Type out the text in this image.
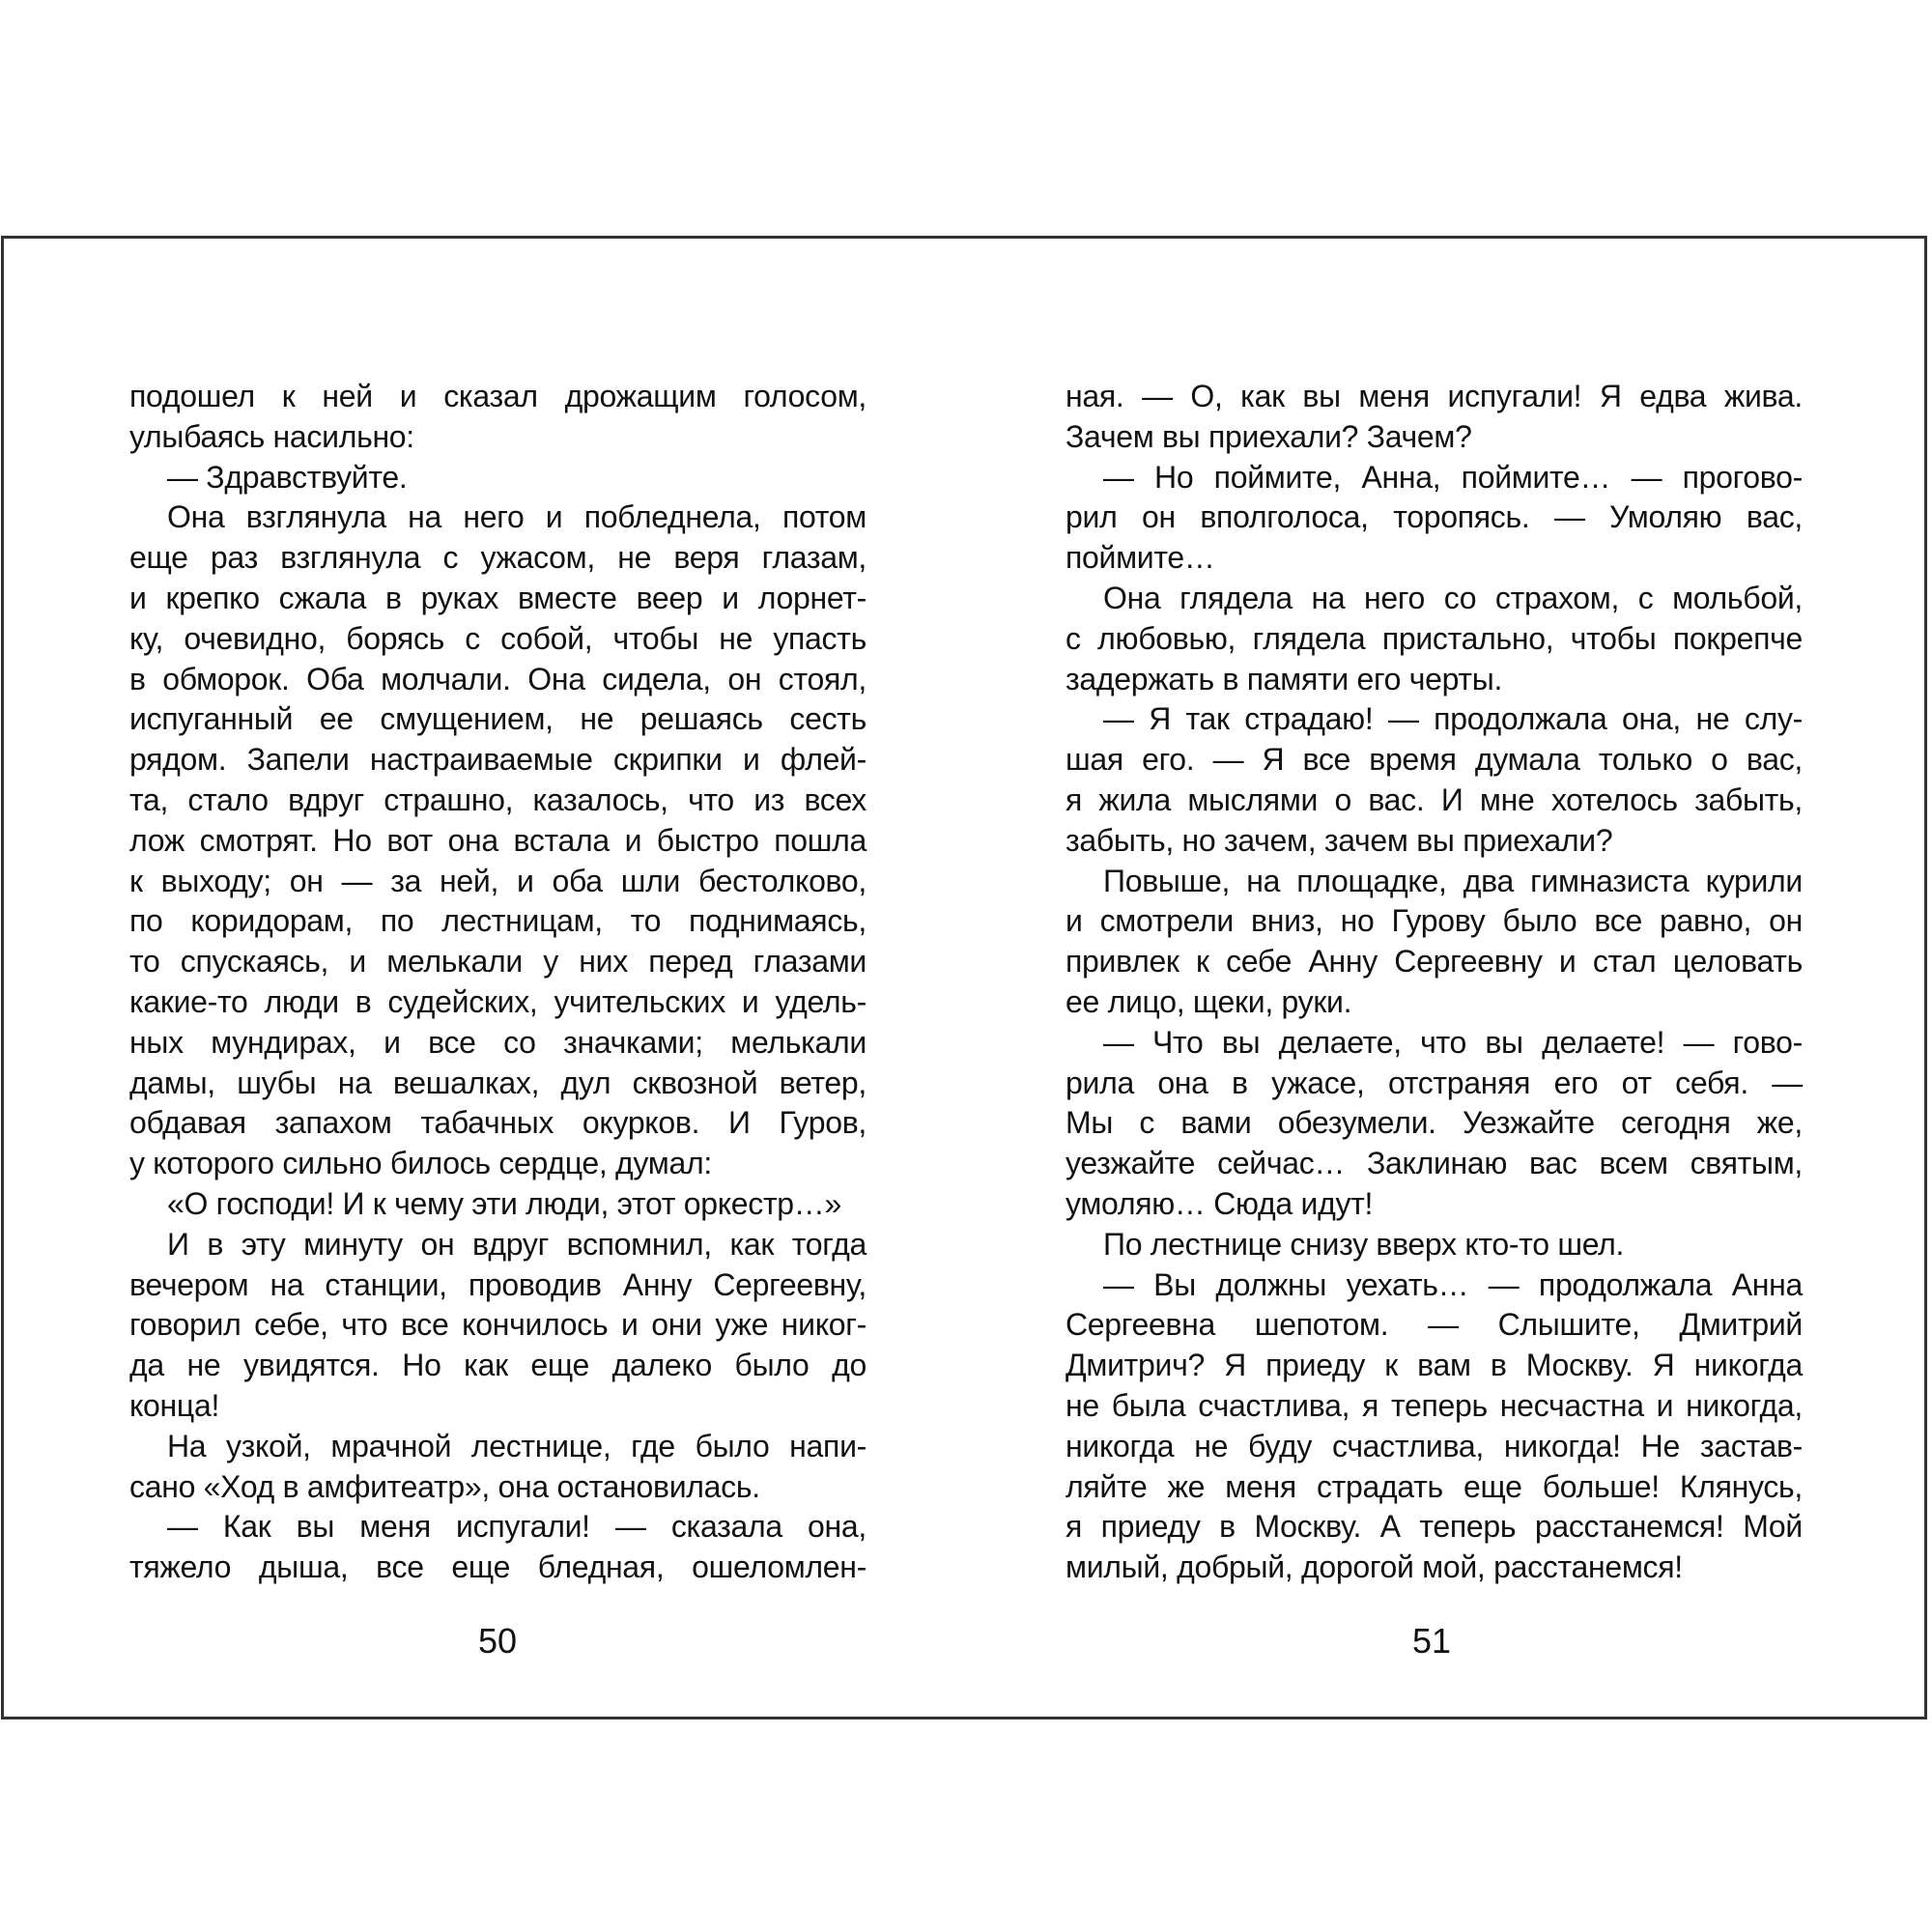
подошел к ней и сказал дрожащим голосом,
улыбаясь насильно:
— Здравствуйте.
Она взглянула на него и побледнела, потом
еще раз взглянула с ужасом, не веря глазам,
и крепко сжала в руках вместе веер и лорнет-
ку, очевидно, борясь с собой, чтобы не упасть
в обморок. Оба молчали. Она сидела, он стоял,
испуганный ее смущением, не решаясь сесть
рядом. Запели настраиваемые скрипки и флей-
та, стало вдруг страшно, казалось, что из всех
лож смотрят. Но вот она встала и быстро пошла
к выходу; он — за ней, и оба шли бестолково,
по коридорам, по лестницам, то поднимаясь,
то спускаясь, и мелькали у них перед глазами
какие-то люди в судейских, учительских и удель-
ных мундирах, и все со значками; мелькали
дамы, шубы на вешалках, дул сквозной ветер,
обдавая запахом табачных окурков. И Гуров,
у которого сильно билось сердце, думал:
«О господи! И к чему эти люди, этот оркестр…»
И в эту минуту он вдруг вспомнил, как тогда
вечером на станции, проводив Анну Сергеевну,
говорил себе, что все кончилось и они уже никог-
да не увидятся. Но как еще далеко было до
конца!
На узкой, мрачной лестнице, где было напи-
сано «Ход в амфитеатр», она остановилась.
— Как вы меня испугали! — сказала она,
тяжело дыша, все еще бледная, ошеломлен-
ная. — О, как вы меня испугали! Я едва жива.
Зачем вы приехали? Зачем?
— Но поймите, Анна, поймите… — прогово-
рил он вполголоса, торопясь. — Умоляю вас,
поймите…
Она глядела на него со страхом, с мольбой,
с любовью, глядела пристально, чтобы покрепче
задержать в памяти его черты.
— Я так страдаю! — продолжала она, не слу-
шая его. — Я все время думала только о вас,
я жила мыслями о вас. И мне хотелось забыть,
забыть, но зачем, зачем вы приехали?
Повыше, на площадке, два гимназиста курили
и смотрели вниз, но Гурову было все равно, он
привлек к себе Анну Сергеевну и стал целовать
ее лицо, щеки, руки.
— Что вы делаете, что вы делаете! — гово-
рила она в ужасе, отстраняя его от себя. —
Мы с вами обезумели. Уезжайте сегодня же,
уезжайте сейчас… Заклинаю вас всем святым,
умоляю… Сюда идут!
По лестнице снизу вверх кто-то шел.
— Вы должны уехать… — продолжала Анна
Сергеевна шепотом. — Слышите, Дмитрий
Дмитрич? Я приеду к вам в Москву. Я никогда
не была счастлива, я теперь несчастна и никогда,
никогда не буду счастлива, никогда! Не застав-
ляйте же меня страдать еще больше! Клянусь,
я приеду в Москву. А теперь расстанемся! Мой
милый, добрый, дорогой мой, расстанемся!
50	51
